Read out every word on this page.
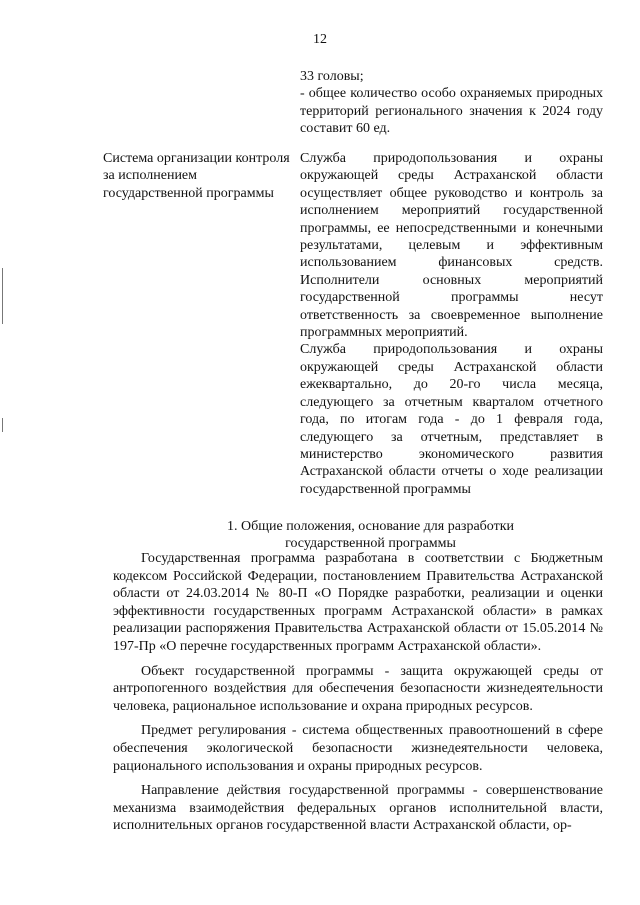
12
33 головы;
- общее количество особо охраняемых природных территорий регионального значения к 2024 году составит 60 ед.
Система организации контроля за исполнением государственной программы

Служба природопользования и охраны окружающей среды Астраханской области осуществляет общее руководство и контроль за исполнением мероприятий государственной программы, ее непосредственными и конечными результатами, целевым и эффективным использованием финансовых средств. Исполнители основных мероприятий государственной программы несут ответственность за своевременное выполнение программных мероприятий.

Служба природопользования и охраны окружающей среды Астраханской области ежеквартально, до 20-го числа месяца, следующего за отчетным кварталом отчетного года, по итогам года - до 1 февраля года, следующего за отчетным, представляет в министерство экономического развития Астраханской области отчеты о ходе реализации государственной программы

1. Общие положения, основание для разработки
государственной программы

Государственная программа разработана в соответствии с Бюджетным кодексом Российской Федерации, постановлением Правительства Астраханской области от 24.03.2014 № 80-П «О Порядке разработки, реализации и оценки эффективности государственных программ Астраханской области» в рамках реализации распоряжения Правительства Астраханской области от 15.05.2014 № 197-Пр «О перечне государственных программ Астраханской области».

Объект государственной программы - защита окружающей среды от антропогенного воздействия для обеспечения безопасности жизнедеятельности человека, рациональное использование и охрана природных ресурсов.

Предмет регулирования - система общественных правоотношений в сфере обеспечения экологической безопасности жизнедеятельности человека, рационального использования и охраны природных ресурсов.

Направление действия государственной программы - совершенствование механизма взаимодействия федеральных органов исполнительной власти, исполнительных органов государственной власти Астраханской области, ор-
